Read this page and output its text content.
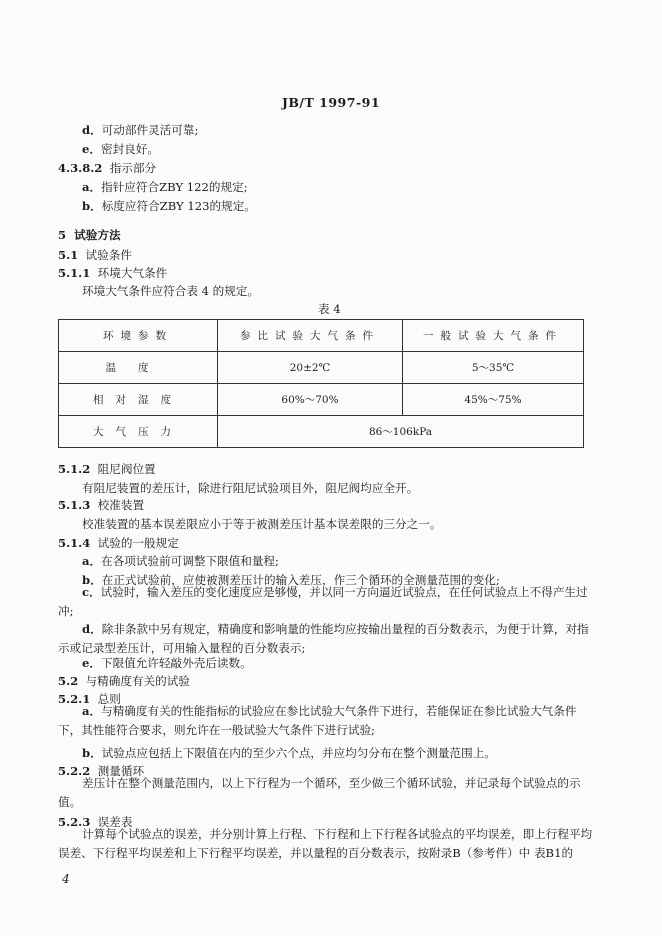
JB/T 1997-91
d．可动部件灵活可靠;
e．密封良好。
4.3.8.2 指示部分
a．指针应符合ZBY 122的规定;
b．标度应符合ZBY 123的规定。
5 试验方法
5.1 试验条件
5.1.1 环境大气条件
环境大气条件应符合表 4 的规定。
表 4
环境参数	参比试验大气条件	一般试验大气条件
温度	20±2℃	5～35℃
相对湿度	60%～70%	45%～75%
大气压力	86～106kPa	
5.1.2 阻尼阀位置
有阻尼装置的差压计，除进行阻尼试验项目外，阻尼阀均应全开。
5.1.3 校准装置
校准装置的基本误差限应小于等于被测差压计基本误差限的三分之一。
5.1.4 试验的一般规定
a．在各项试验前可调整下限值和量程;
b．在正式试验前，应使被测差压计的输入差压，作三个循环的全测量范围的变化;
c．试验时，输入差压的变化速度应是够慢，并以同一方向逼近试验点，在任何试验点上不得产生过冲;
d．除非条款中另有规定，精确度和影响量的性能均应按输出量程的百分数表示，为便于计算，对指示或记录型差压计，可用输入量程的百分数表示;
e．下限值允许轻敲外壳后读数。
5.2 与精确度有关的试验
5.2.1 总则
a．与精确度有关的性能指标的试验应在参比试验大气条件下进行，若能保证在参比试验大气条件下，其性能符合要求，则允许在一般试验大气条件下进行试验;
b．试验点应包括上下限值在内的至少六个点，并应均匀分布在整个测量范围上。
5.2.2 测量循环
差压计在整个测量范围内，以上下行程为一个循环，至少做三个循环试验，并记录每个试验点的示值。
5.2.3 误差表
计算每个试验点的误差，并分别计算上行程、下行程和上下行程各试验点的平均误差，即上行程平均误差、下行程平均误差和上下行程平均误差，并以量程的百分数表示，按附录B（参考件）中 表B1的
4
